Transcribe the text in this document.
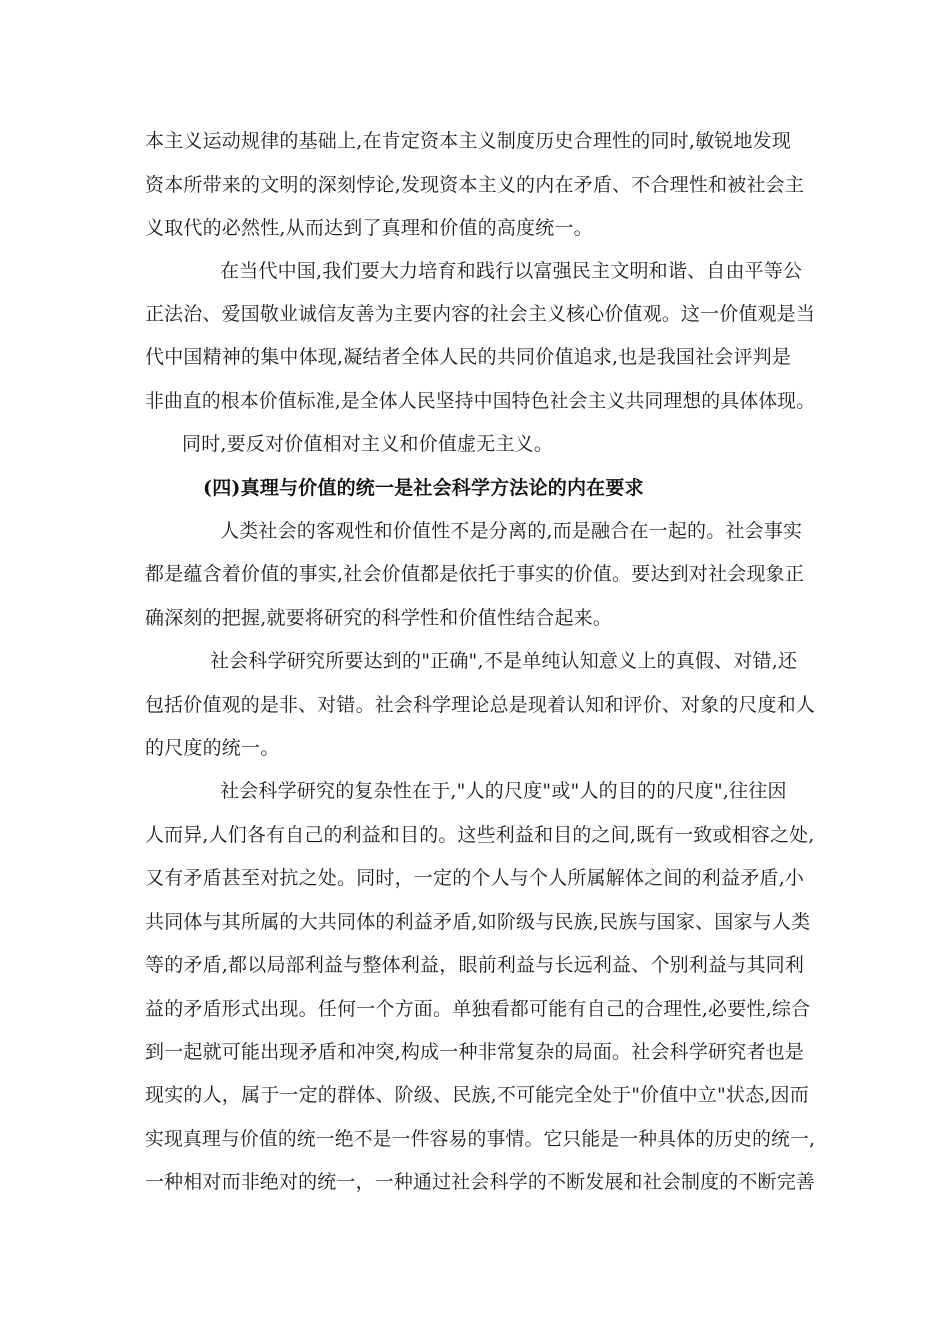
本主义运动规律的基础上,在肯定资本主义制度历史合理性的同时,敏锐地发现
资本所带来的文明的深刻悖论,发现资本主义的内在矛盾、不合理性和被社会主
义取代的必然性,从而达到了真理和价值的高度统一。
在当代中国,我们要大力培育和践行以富强民主文明和谐、自由平等公
正法治、爱国敬业诚信友善为主要内容的社会主义核心价值观。这一价值观是当
代中国精神的集中体现,凝结者全体人民的共同价值追求,也是我国社会评判是
非曲直的根本价值标准,是全体人民坚持中国特色社会主义共同理想的具体体现。
同时,要反对价值相对主义和价值虚无主义。
(四)真理与价值的统一是社会科学方法论的内在要求
人类社会的客观性和价值性不是分离的,而是融合在一起的。社会事实
都是蕴含着价值的事实,社会价值都是依托于事实的价值。要达到对社会现象正
确深刻的把握,就要将研究的科学性和价值性结合起来。
社会科学研究所要达到的"正确",不是单纯认知意义上的真假、对错,还
包括价值观的是非、对错。社会科学理论总是现着认知和评价、对象的尺度和人
的尺度的统一。
社会科学研究的复杂性在于,"人的尺度"或"人的目的的尺度",往往因
人而异,人们各有自己的利益和目的。这些利益和目的之间,既有一致或相容之处,
又有矛盾甚至对抗之处。同时，一定的个人与个人所属解体之间的利益矛盾,小
共同体与其所属的大共同体的利益矛盾,如阶级与民族,民族与国家、国家与人类
等的矛盾,都以局部利益与整体利益，眼前利益与长远利益、个别利益与其同利
益的矛盾形式出现。任何一个方面。单独看都可能有自己的合理性,必要性,综合
到一起就可能出现矛盾和冲突,构成一种非常复杂的局面。社会科学研究者也是
现实的人，属于一定的群体、阶级、民族,不可能完全处于"价值中立"状态,因而
实现真理与价值的统一绝不是一件容易的事情。它只能是一种具体的历史的统一,
一种相对而非绝对的统一，一种通过社会科学的不断发展和社会制度的不断完善
